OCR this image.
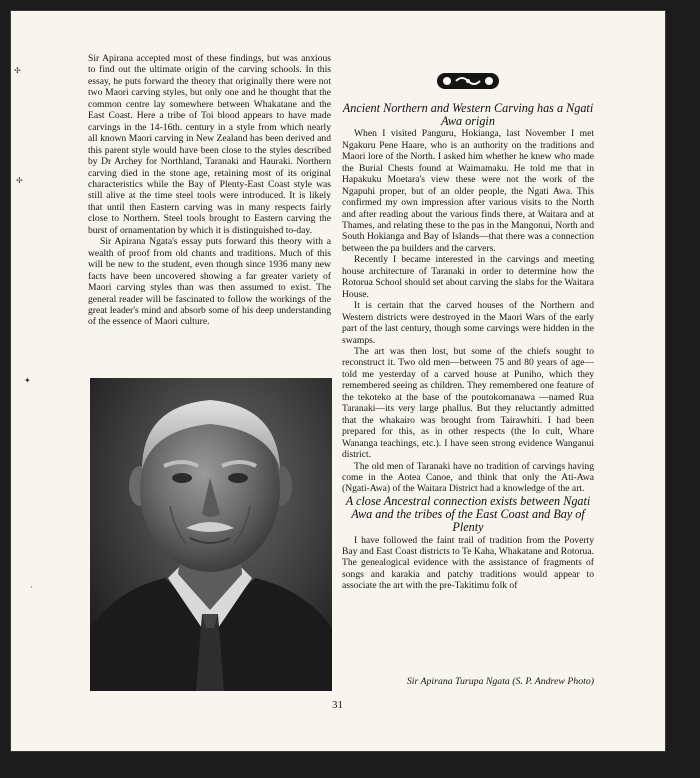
Sir Apirana accepted most of these findings, but was anxious to find out the ultimate origin of the carving schools. In this essay, he puts forward the theory that originally there were not two Maori carving styles, but only one and he thought that the common centre lay somewhere between Whakatane and the East Coast. Here a tribe of Toi blood appears to have made carvings in the 14-16th. century in a style from which nearly all known Maori carving in New Zealand has been derived and this parent style would have been close to the styles described by Dr Archey for Northland, Taranaki and Hauraki. Northern carving died in the stone age, retaining most of its original characteristics while the Bay of Plenty-East Coast style was still alive at the time steel tools were introduced. It is likely that until then Eastern carving was in many respects fairly close to Northern. Steel tools brought to Eastern carving the burst of ornamentation by which it is distinguished to-day.

Sir Apirana Ngata's essay puts forward this theory with a wealth of proof from old chants and traditions. Much of this will be new to the student, even though since 1936 many new facts have been uncovered showing a far greater variety of Maori carving styles than was then assumed to exist. The general reader will be fascinated to follow the workings of the great leader's mind and absorb some of his deep understanding of the essence of Maori culture.

Ancient Northern and Western Carving has a Ngati Awa origin

When I visited Panguru, Hokianga, last November I met Ngakuru Pene Haare, who is an authority on the traditions and Maori lore of the North. I asked him whether he knew who made the Burial Chests found at Waimamaku. He told me that in Hapakuku Moetara's view these were not the work of the Ngapuhi proper, but of an older people, the Ngati Awa. This confirmed my own impression after various visits to the North and after reading about the various finds there, at Waitara and at Thames, and relating these to the pas in the Mangonui, North and South Hokianga and Bay of Islands—that there was a connection between the pa builders and the carvers.

Recently I became interested in the carvings and meeting house architecture of Taranaki in order to determine how the Rotorua School should set about carving the slabs for the Waitara House.

It is certain that the carved houses of the Northern and Western districts were destroyed in the Maori Wars of the early part of the last century, though some carvings were hidden in the swamps.

The art was then lost, but some of the chiefs sought to reconstruct it. Two old men—between 75 and 80 years of age—told me yesterday of a carved house at Puniho, which they remembered seeing as children. They remembered one feature of the tekoteko at the base of the poutokomanawa —named Rua Taranaki—its very large phallus. But they reluctantly admitted that the whakairo was brought from Tairawhiti. I had been prepared for this, as in other respects (the Io cult, Whare Wananga teachings, etc.). I have seen strong evidence Wanganui district.

The old men of Taranaki have no tradition of carvings having come in the Aotea Canoe, and think that only the Ati-Awa (Ngati-Awa) of the Waitara District had a knowledge of the art.

A close Ancestral connection exists between Ngati Awa and the tribes of the East Coast and Bay of Plenty

I have followed the faint trail of tradition from the Poverty Bay and East Coast districts to Te Kaha, Whakatane and Rotorua. The genealogical evidence with the assistance of fragments of songs and karakia and patchy traditions would appear to associate the art with the pre-Takitimu folk of

Sir Apirana Turupa Ngata (S. P. Andrew Photo)
31
✢
✢
✦
·
